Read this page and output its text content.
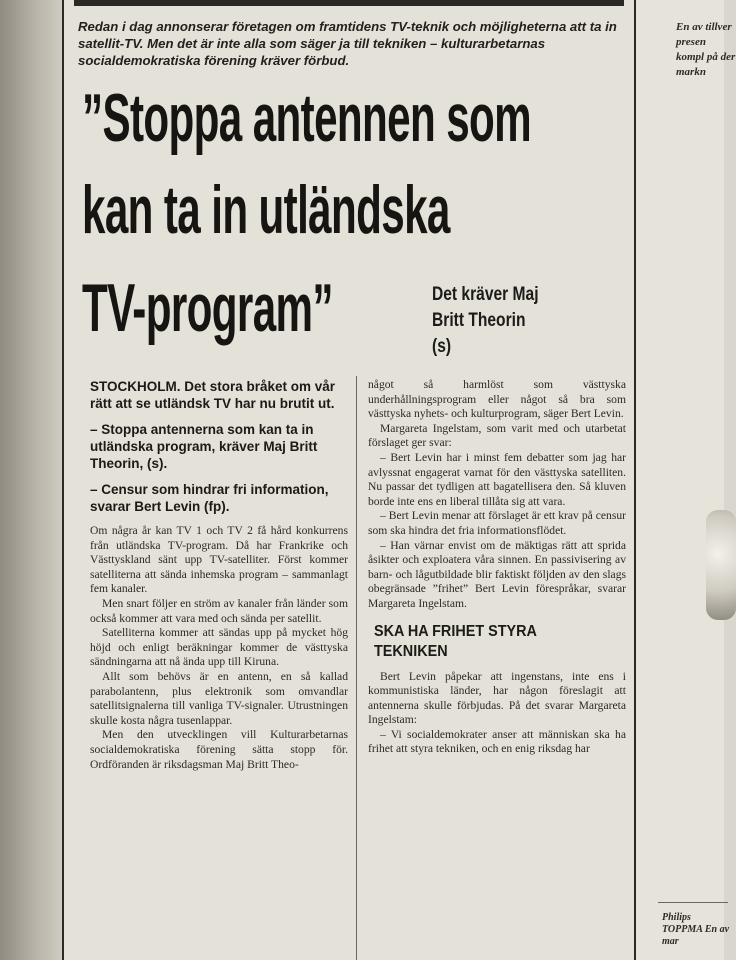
Redan i dag annonserar företagen om framtidens TV-teknik och möjligheterna att ta in satellit-TV. Men det är inte alla som säger ja till tekniken – kulturarbetarnas socialdemokratiska förening kräver förbud.
”Stoppa antennen som
kan ta in utländska
TV-program”	Det kräver Maj Britt Theorin (s)

STOCKHOLM. Det stora bråket om vår rätt att se utländsk TV har nu brutit ut.

– Stoppa antennerna som kan ta in utländska program, kräver Maj Britt Theorin, (s).

– Censur som hindrar fri information, svarar Bert Levin (fp).

Om några år kan TV 1 och TV 2 få hård konkurrens från utländska TV-program. Då har Frankrike och Västtyskland sänt upp TV-satelliter. Först kommer satelliterna att sända inhemska program – sammanlagt fem kanaler.

Men snart följer en ström av kanaler från länder som också kommer att vara med och sända per satellit.

Satelliterna kommer att sändas upp på mycket hög höjd och enligt beräkningar kommer de västtyska sändningarna att nå ända upp till Kiruna.

Allt som behövs är en antenn, en så kallad parabolantenn, plus elektronik som omvandlar satellitsignalerna till vanliga TV-signaler. Utrustningen skulle kosta några tusenlappar.

Men den utvecklingen vill Kulturarbetarnas socialdemokratiska förening sätta stopp för. Ordföranden är riksdagsman Maj Britt Theo-

något så harmlöst som västtyska underhållningsprogram eller något så bra som västtyska nyhets- och kulturprogram, säger Bert Levin.

Margareta Ingelstam, som varit med och utarbetat förslaget ger svar:

– Bert Levin har i minst fem debatter som jag har avlyssnat engagerat varnat för den västtyska satelliten. Nu passar det tydligen att bagatellisera den. Så kluven borde inte ens en liberal tillåta sig att vara.

– Bert Levin menar att förslaget är ett krav på censur som ska hindra det fria informationsflödet.

– Han värnar envist om de mäktigas rätt att sprida åsikter och exploatera våra sinnen. En passivisering av barn- och lågutbildade blir faktiskt följden av den slags obegränsade ”frihet” Bert Levin förespråkar, svarar Margareta Ingelstam.

SKA HA FRIHET STYRA TEKNIKEN

Bert Levin påpekar att ingenstans, inte ens i kommunistiska länder, har någon föreslagit att antennerna skulle förbjudas. På det svarar Margareta Ingelstam:

– Vi socialdemokrater anser att människan ska ha frihet att styra tekniken, och en enig riksdag har

En av tillver presen kompl på der markn
Philips TOPPMA En av mar
